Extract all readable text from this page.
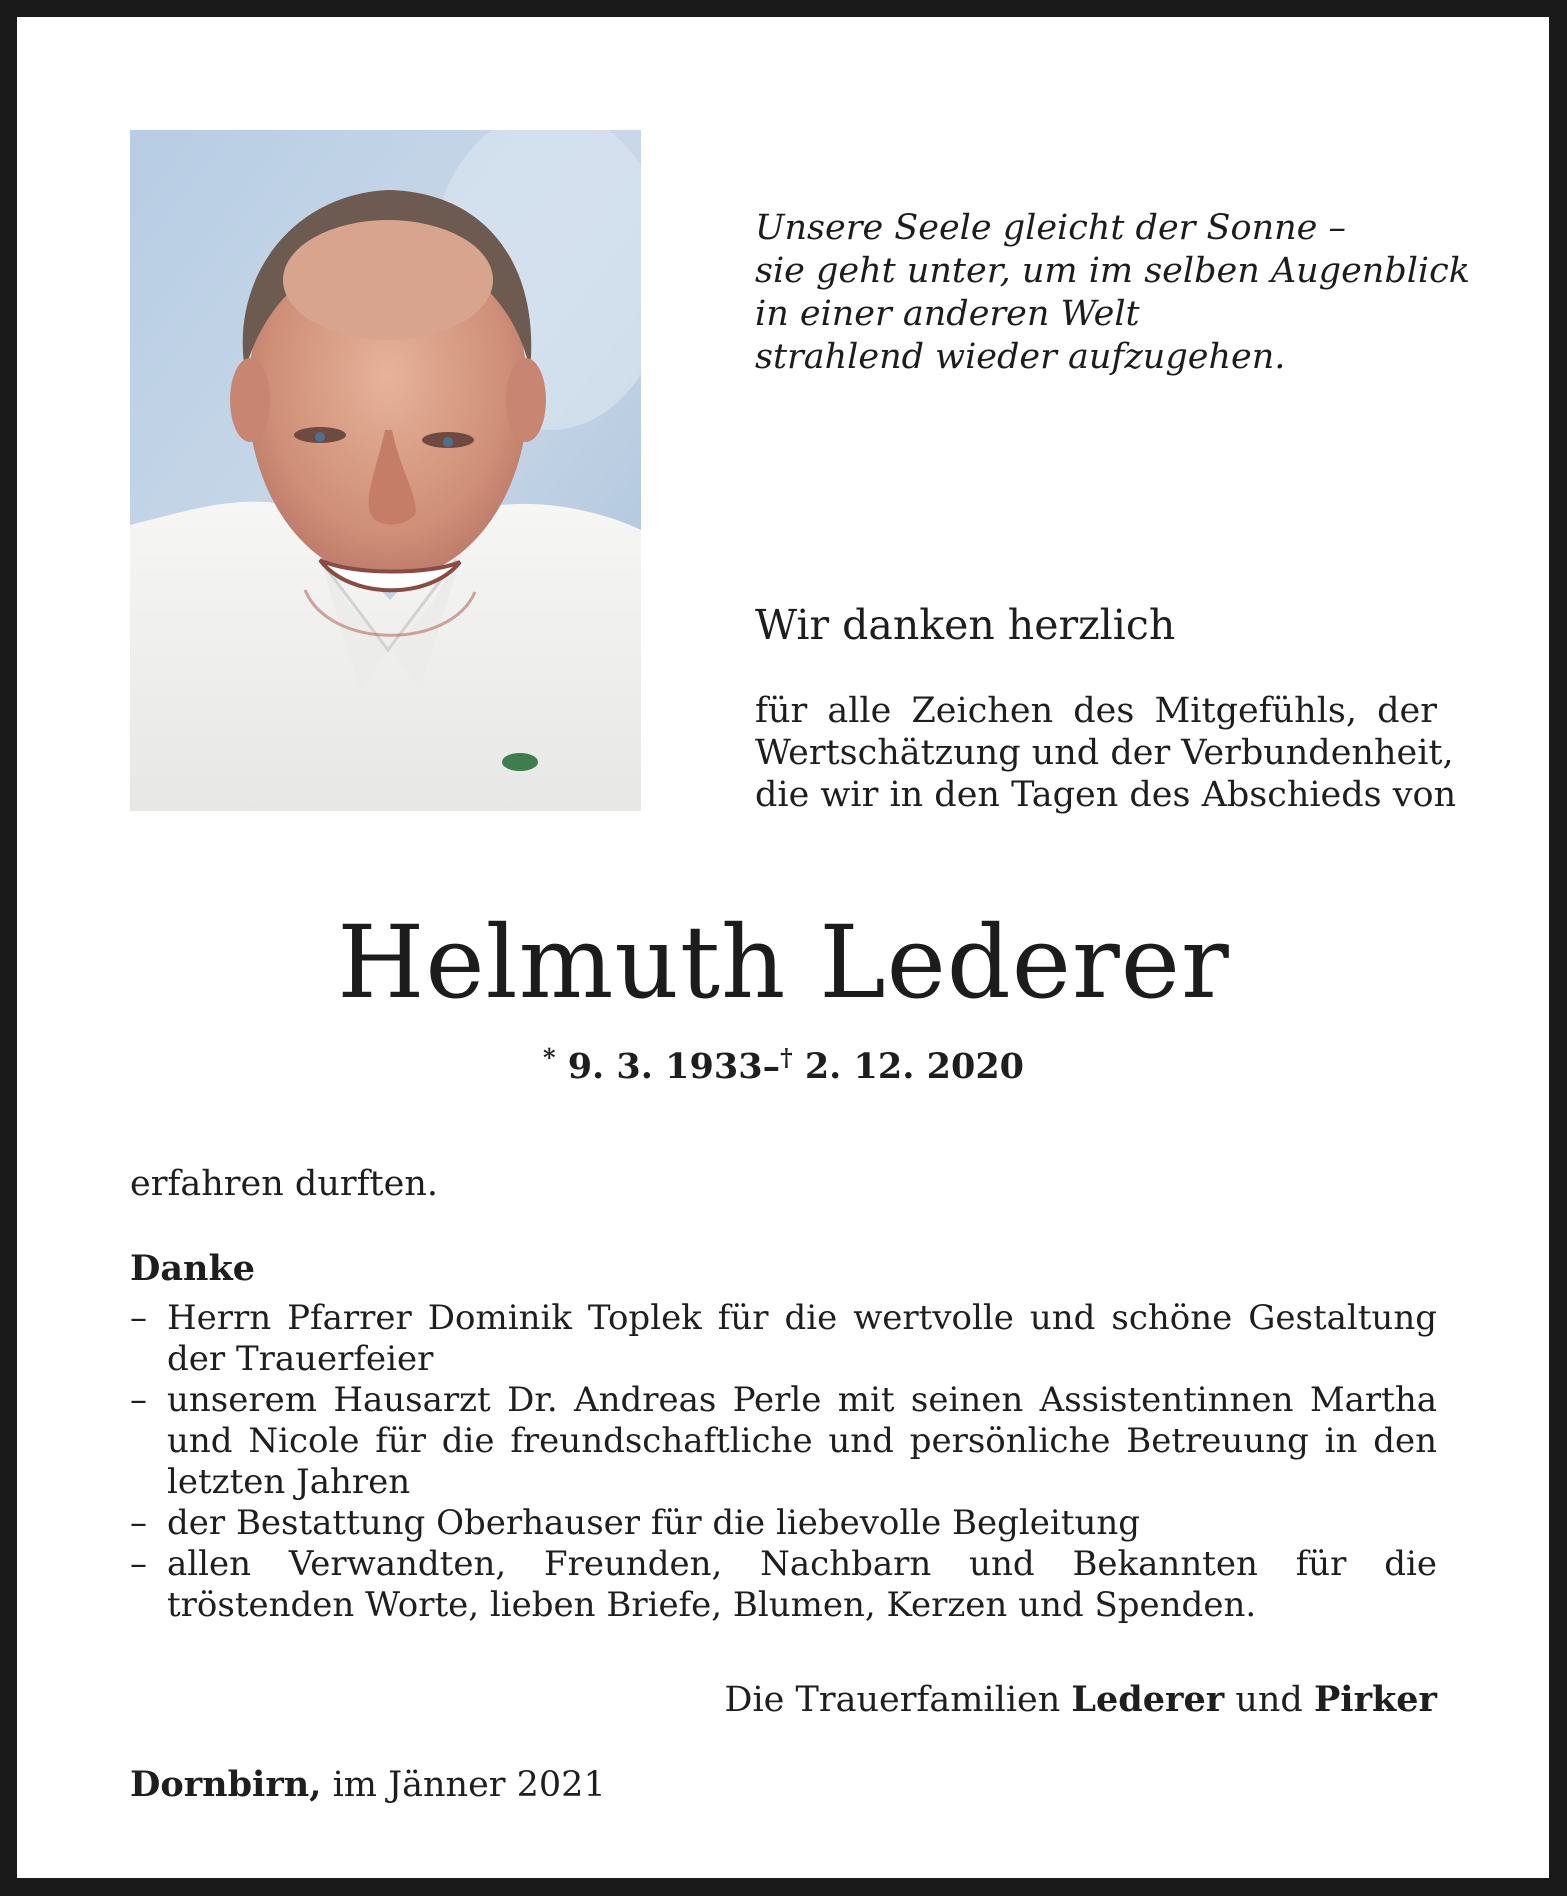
Unsere Seele gleicht der Sonne –
sie geht unter, um im selben Augenblick
in einer anderen Welt
strahlend wieder aufzugehen.
Wir danken herzlich
für alle Zeichen des Mitgefühls, der
Wertschätzung und der Verbundenheit,
die wir in den Tagen des Abschieds von
Helmuth Lederer
* 9. 3. 1933–† 2. 12. 2020
erfahren durften.
Danke
– Herrn Pfarrer Dominik Toplek für die wertvolle und schöne Gestaltung der Trauerfeier
– unserem Hausarzt Dr. Andreas Perle mit seinen Assistentinnen Martha und Nicole für die freundschaftliche und persönliche Betreuung in den letzten Jahren
– der Bestattung Oberhauser für die liebevolle Begleitung
– allen Verwandten, Freunden, Nachbarn und Bekannten für die tröstenden Worte, lieben Briefe, Blumen, Kerzen und Spenden.
Die Trauerfamilien Lederer und Pirker
Dornbirn, im Jänner 2021
